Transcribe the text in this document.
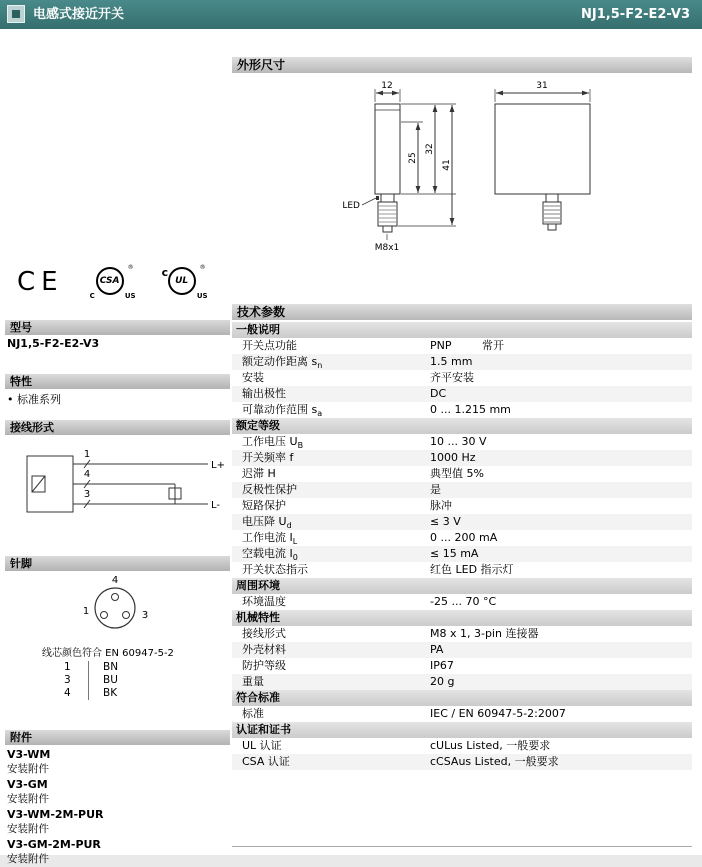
电感式接近开关	NJ1,5-F2-E2-V3
CE	CSA
®
C	US
c
UL
®
US
型号
NJ1,5-F2-E2-V3
特性
• 标准系列
接线形式
1
4
3
L+
L-
针脚
4
1	3
线芯颜色符合 EN 60947-5-2
1	BN
3	BU
4	BK
附件
V3-WM
安装附件
V3-GM
安装附件
V3-WM-2M-PUR
安装附件
V3-GM-2M-PUR
安装附件
外形尺寸
12
25
32
41
LED
M8x1
31
技术参数
一般说明
开关点功能	PNP	常开
额定动作距离 $s_n$	1.5 mm
安装	齐平安装
输出极性	DC
可靠动作范围 $s_a$	0 ... 1.215 mm
额定等级
工作电压 $U_B$	10 ... 30 V
开关频率 f	1000 Hz
迟滞 H	典型值 5%
反极性保护	是
短路保护	脉冲
电压降 $U_d$	≤ 3 V
工作电流 $I_L$	0 ... 200 mA
空载电流 $I_0$	≤ 15 mA
开关状态指示	红色 LED 指示灯
周围环境
环境温度	-25 ... 70 °C
机械特性
接线形式	M8 x 1, 3-pin 连接器
外壳材料	PA
防护等级	IP67
重量	20 g
符合标准
标准	IEC / EN 60947-5-2:2007
认证和证书
UL 认证	cULus Listed, 一般要求
CSA 认证	cCSAus Listed, 一般要求
